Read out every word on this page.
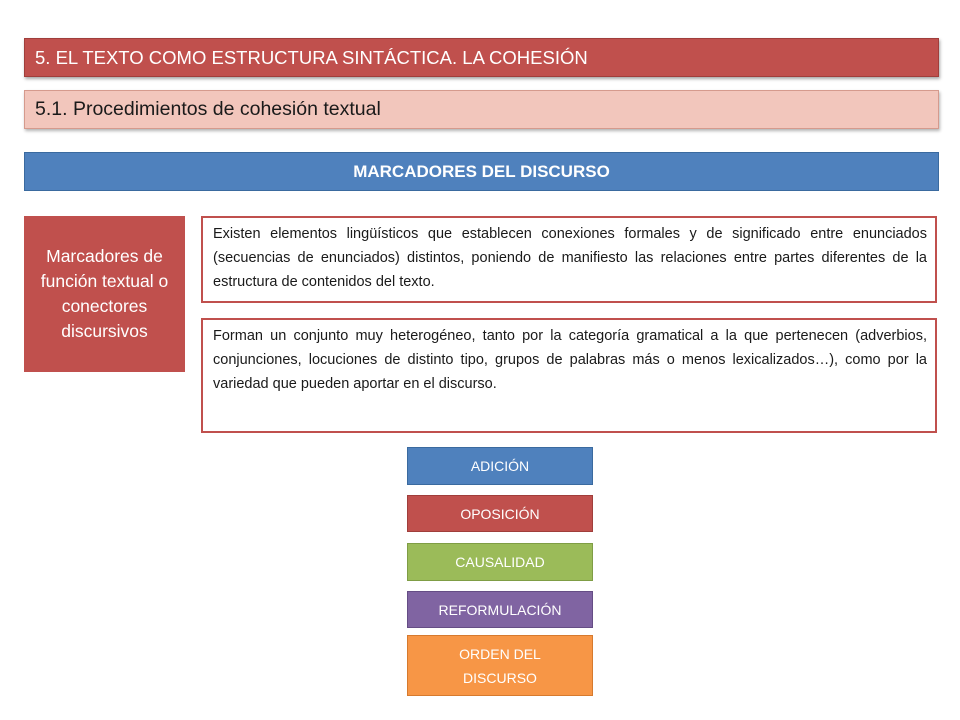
5. EL TEXTO COMO ESTRUCTURA SINTÁCTICA. LA COHESIÓN
5.1. Procedimientos de cohesión textual
MARCADORES DEL DISCURSO
Marcadores de función textual o conectores discursivos
Existen elementos lingüísticos que establecen conexiones formales y de significado entre enunciados (secuencias de enunciados) distintos, poniendo de manifiesto las relaciones entre partes diferentes de la estructura de contenidos del texto.
Forman un conjunto muy heterogéneo, tanto por la categoría gramatical a la que pertenecen (adverbios, conjunciones, locuciones de distinto tipo, grupos de palabras más o menos lexicalizados…), como por la variedad que pueden aportar en el discurso.
ADICIÓN
OPOSICIÓN
CAUSALIDAD
REFORMULACIÓN
ORDEN DEL DISCURSO
